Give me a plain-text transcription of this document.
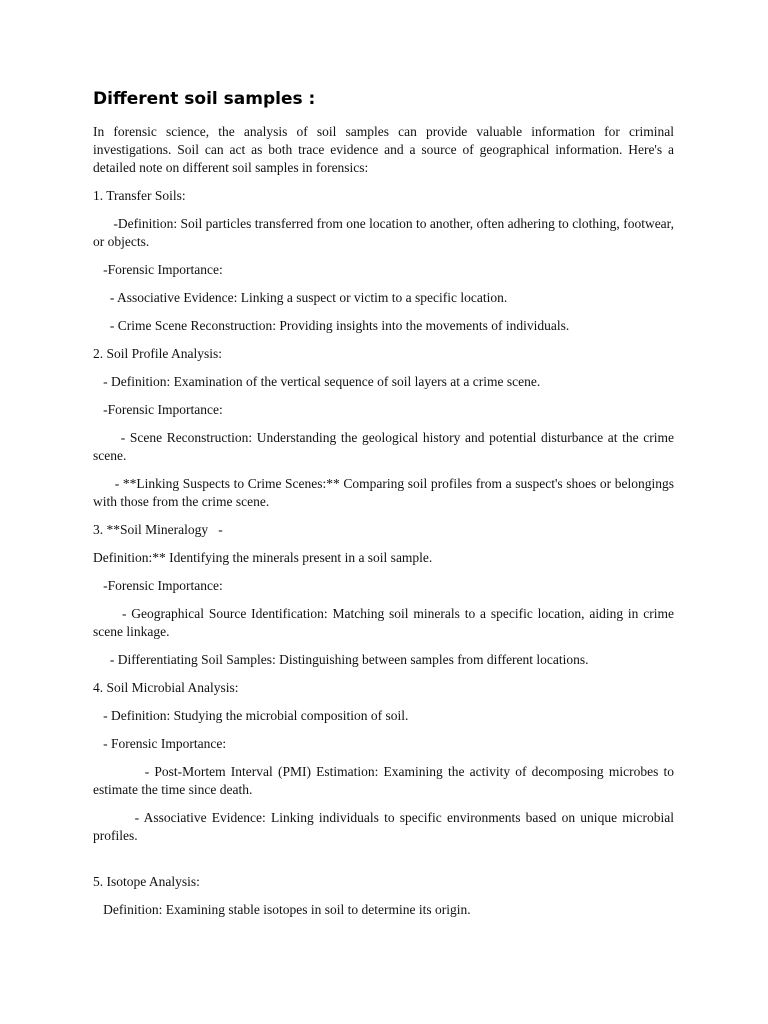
Different soil samples :

In forensic science, the analysis of soil samples can provide valuable information for criminal investigations. Soil can act as both trace evidence and a source of geographical information. Here's a detailed note on different soil samples in forensics:

1. Transfer Soils:

-Definition: Soil particles transferred from one location to another, often adhering to clothing, footwear, or objects.

-Forensic Importance:

- Associative Evidence: Linking a suspect or victim to a specific location.

- Crime Scene Reconstruction: Providing insights into the movements of individuals.

2. Soil Profile Analysis:

- Definition: Examination of the vertical sequence of soil layers at a crime scene.

-Forensic Importance:

- Scene Reconstruction: Understanding the geological history and potential disturbance at the crime scene.

- **Linking Suspects to Crime Scenes:** Comparing soil profiles from a suspect's shoes or belongings with those from the crime scene.

3. **Soil Mineralogy   -

Definition:** Identifying the minerals present in a soil sample.

-Forensic Importance:

- Geographical Source Identification: Matching soil minerals to a specific location, aiding in crime scene linkage.

- Differentiating Soil Samples: Distinguishing between samples from different locations.

4. Soil Microbial Analysis:

- Definition: Studying the microbial composition of soil.

- Forensic Importance:

- Post-Mortem Interval (PMI) Estimation: Examining the activity of decomposing microbes to estimate the time since death.

- Associative Evidence: Linking individuals to specific environments based on unique microbial profiles.

5. Isotope Analysis:

Definition: Examining stable isotopes in soil to determine its origin.
